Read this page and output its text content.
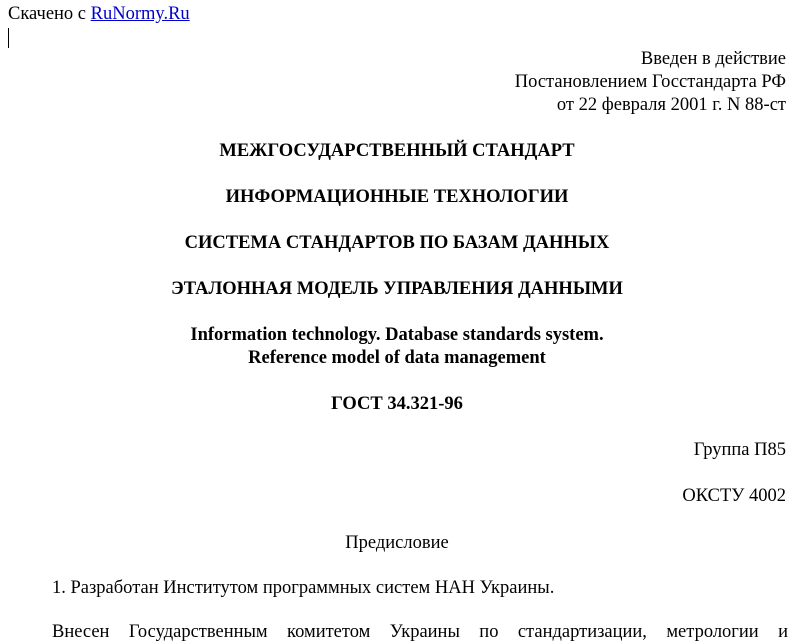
Скачено с RuNormy.Ru
Введен в действие
Постановлением Госстандарта РФ
от 22 февраля 2001 г. N 88-ст
МЕЖГОСУДАРСТВЕННЫЙ СТАНДАРТ
ИНФОРМАЦИОННЫЕ ТЕХНОЛОГИИ
СИСТЕМА СТАНДАРТОВ ПО БАЗАМ ДАННЫХ
ЭТАЛОННАЯ МОДЕЛЬ УПРАВЛЕНИЯ ДАННЫМИ
Information technology. Database standards system.
Reference model of data management
ГОСТ 34.321-96
Группа П85
ОКСТУ 4002
Предисловие
1. Разработан Институтом программных систем НАН Украины.
Внесен Государственным комитетом Украины по стандартизации, метрологии и
